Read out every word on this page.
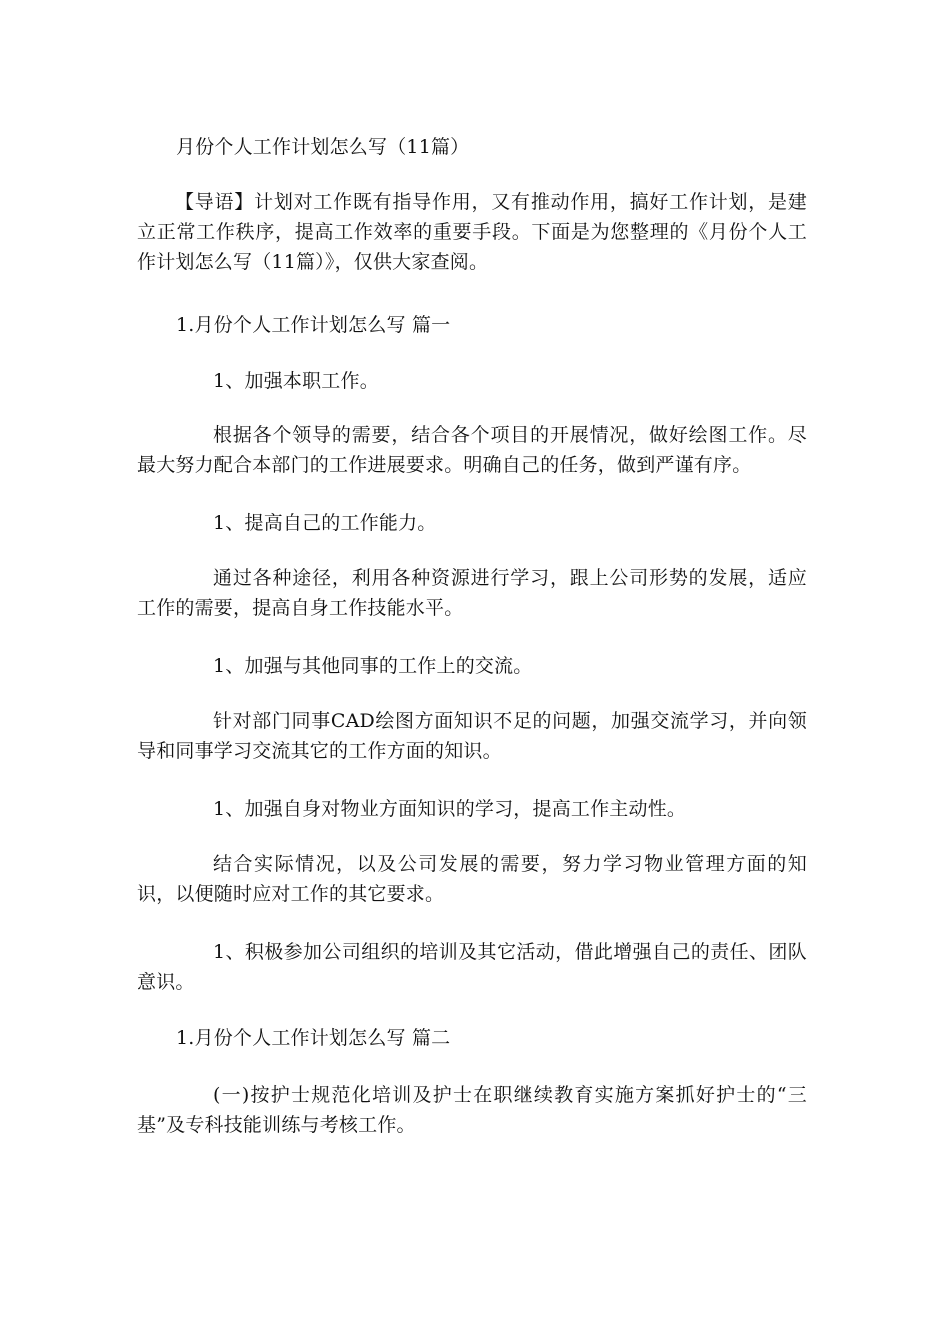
月份个人工作计划怎么写（11篇）
【导语】计划对工作既有指导作用，又有推动作用，搞好工作计划，是建立正常工作秩序，提高工作效率的重要手段。下面是为您整理的《月份个人工作计划怎么写（11篇）》，仅供大家查阅。
1.月份个人工作计划怎么写 篇一
1、加强本职工作。
根据各个领导的需要，结合各个项目的开展情况，做好绘图工作。尽最大努力配合本部门的工作进展要求。明确自己的任务，做到严谨有序。
1、提高自己的工作能力。
通过各种途径，利用各种资源进行学习，跟上公司形势的发展，适应工作的需要，提高自身工作技能水平。
1、加强与其他同事的工作上的交流。
针对部门同事CAD绘图方面知识不足的问题，加强交流学习，并向领导和同事学习交流其它的工作方面的知识。
1、加强自身对物业方面知识的学习，提高工作主动性。
结合实际情况，以及公司发展的需要，努力学习物业管理方面的知识，以便随时应对工作的其它要求。
1、积极参加公司组织的培训及其它活动，借此增强自己的责任、团队意识。
1.月份个人工作计划怎么写 篇二
(一)按护士规范化培训及护士在职继续教育实施方案抓好护士的“三基”及专科技能训练与考核工作。
